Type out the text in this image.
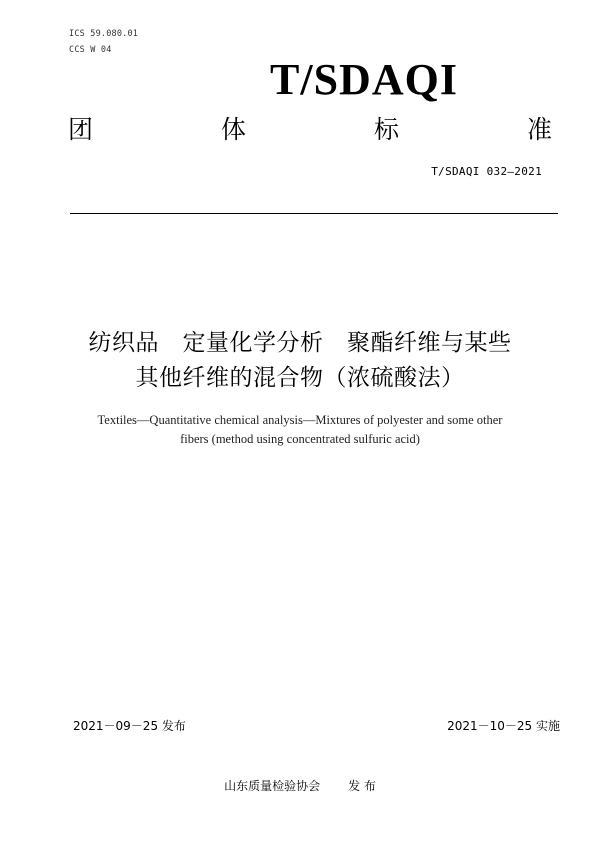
ICS 59.080.01
CCS W 04
T/SDAQI
团	体	标	准
T/SDAQI 032—2021
纺织品　定量化学分析　聚酯纤维与某些
其他纤维的混合物（浓硫酸法）
Textiles—Quantitative chemical analysis—Mixtures of polyester and some other
fibers (method using concentrated sulfuric acid)
2021－09－25 发布	2021－10－25 实施
山东质量检验协会 发 布
